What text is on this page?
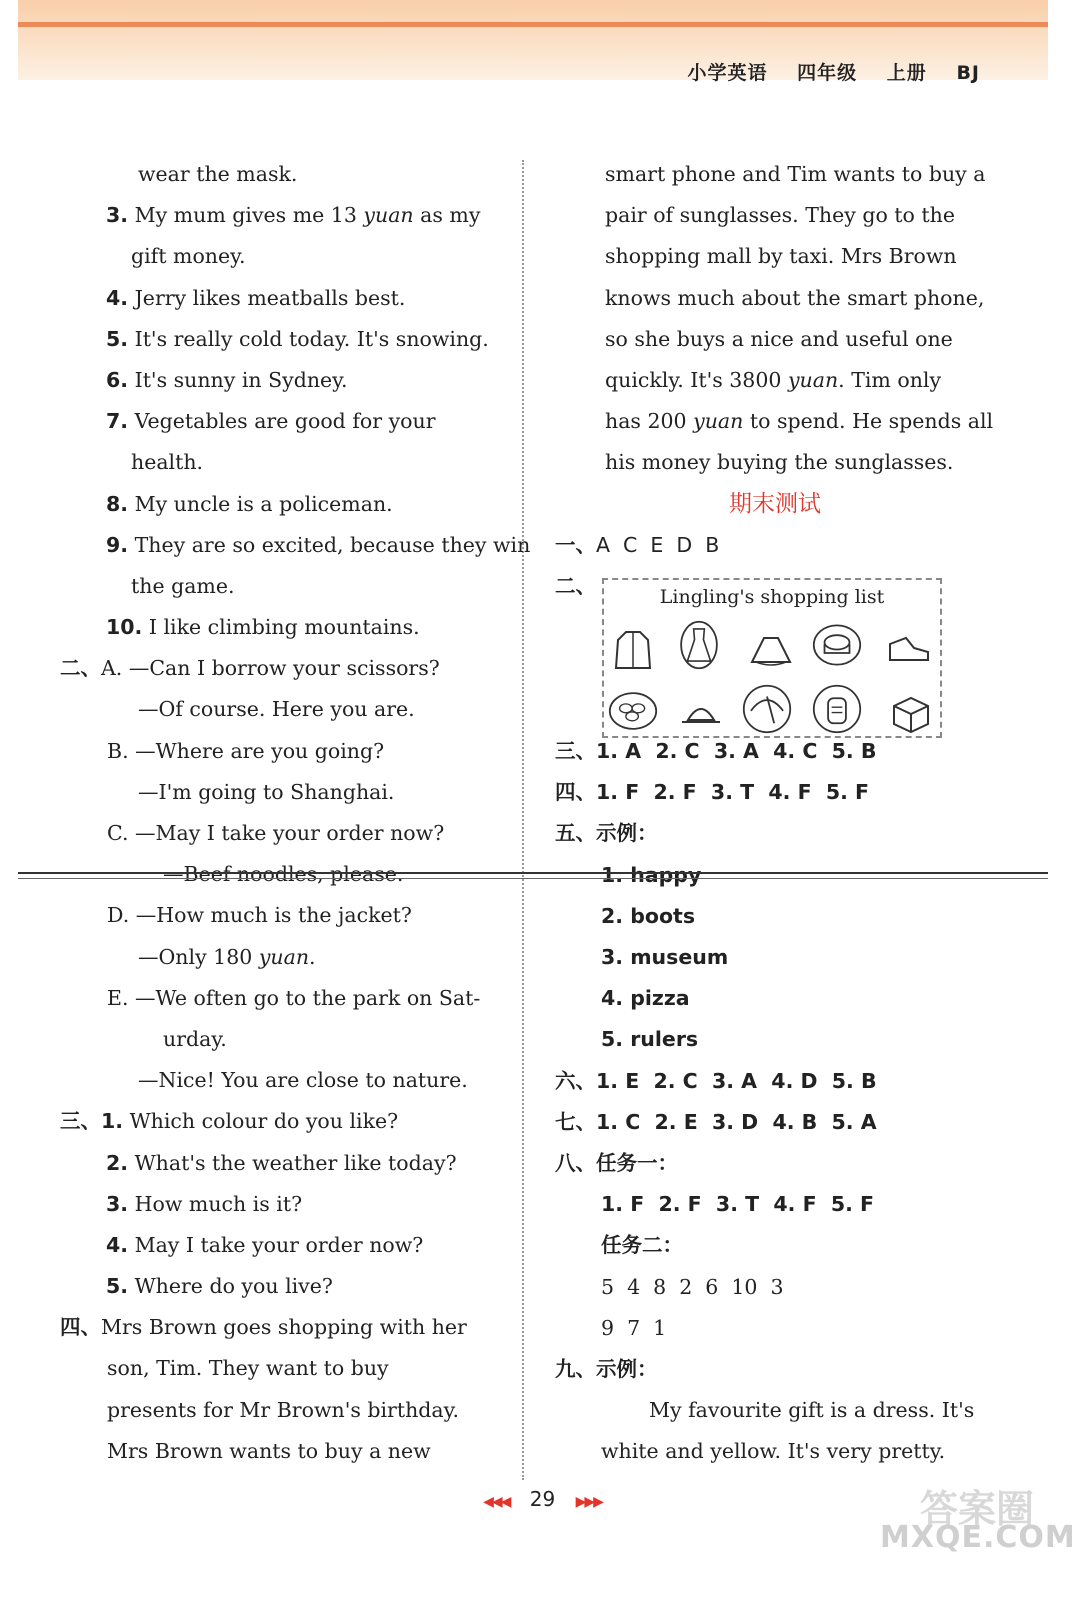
小学英语 四年级 上册 BJ
wear the mask.
3. My mum gives me 13 yuan as my
gift money.
4. Jerry likes meatballs best.
5. It's really cold today. It's snowing.
6. It's sunny in Sydney.
7. Vegetables are good for your
health.
8. My uncle is a policeman.
9. They are so excited, because they win
the game.
10. I like climbing mountains.
二、A. —Can I borrow your scissors?
—Of course. Here you are.
B. —Where are you going?
—I'm going to Shanghai.
C. —May I take your order now?
—Beef noodles, please.
D. —How much is the jacket?
—Only 180 yuan.
E. —We often go to the park on Sat-
urday.
—Nice! You are close to nature.
三、1. Which colour do you like?
2. What's the weather like today?
3. How much is it?
4. May I take your order now?
5. Where do you live?
四、Mrs Brown goes shopping with her
son, Tim. They want to buy
presents for Mr Brown's birthday.
Mrs Brown wants to buy a new
smart phone and Tim wants to buy a
pair of sunglasses. They go to the
shopping mall by taxi. Mrs Brown
knows much about the smart phone,
so she buys a nice and useful one
quickly. It's 3800 yuan. Tim only
has 200 yuan to spend. He spends all
his money buying the sunglasses.
期末测试
一、A  C  E  D  B
二、
三、1. A  2. C  3. A  4. C  5. B
四、1. F  2. F  3. T  4. F  5. F
五、示例：
1. happy
2. boots
3. museum
4. pizza
5. rulers
六、1. E  2. C  3. A  4. D  5. B
七、1. C  2. E  3. D  4. B  5. A
八、任务一：
1. F  2. F  3. T  4. F  5. F
任务二：
5  4  8  2  6  10  3
9  7  1
九、示例：
My favourite gift is a dress. It's
white and yellow. It's very pretty.
Lingling's shopping list
◀◀◀ 29 ▶▶▶	答案圈
MXQE.COM
